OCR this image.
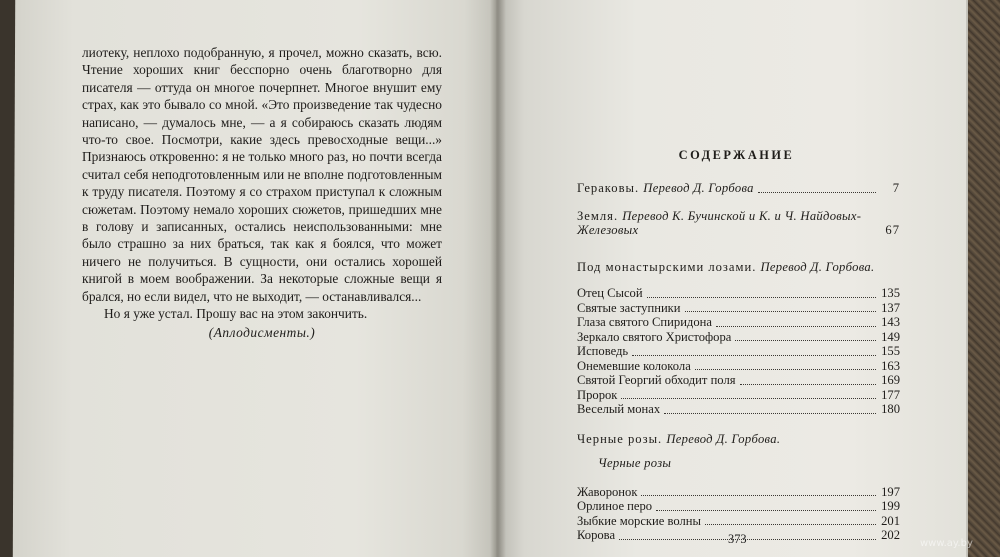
лиотеку, неплохо подобранную, я прочел, можно сказать, всю. Чтение хороших книг бесспорно очень благотворно для писателя — оттуда он многое почерпнет. Многое внушит ему страх, как это бывало со мной. «Это произведение так чудесно написано, — думалось мне, — а я собираюсь сказать людям что-то свое. Посмотри, какие здесь превосходные вещи...» Признаюсь откровенно: я не только много раз, но почти всегда считал себя неподготовленным или не вполне подготовленным к труду писателя. Поэтому я со страхом приступал к сложным сюжетам. Поэтому немало хороших сюжетов, пришедших мне в голову и записанных, остались неиспользованными: мне было страшно за них браться, так как я боялся, что может ничего не получиться. В сущности, они остались хорошей книгой в моем воображении. За некоторые сложные вещи я брался, но если видел, что не выходит, — останавливался...
Но я уже устал. Прошу вас на этом закончить.
(Аплодисменты.)
СОДЕРЖАНИЕ
Гераковы. Перевод Д. Горбова	7
Земля. Перевод К. Бучинской и К. и Ч. Найдовых-Железовых	67
Под монастырскими лозами. Перевод Д. Горбова.
Отец Сысой	135
Святые заступники	137
Глаза святого Спиридона	143
Зеркало святого Христофора	149
Исповедь	155
Онемевшие колокола	163
Святой Георгий обходит поля	169
Пророк	177
Веселый монах	180
Черные розы. Перевод Д. Горбова.
Черные розы
Жаворонок	197
Орлиное перо	199
Зыбкие морские волны	201
Корова	202
373	www.ay.by
